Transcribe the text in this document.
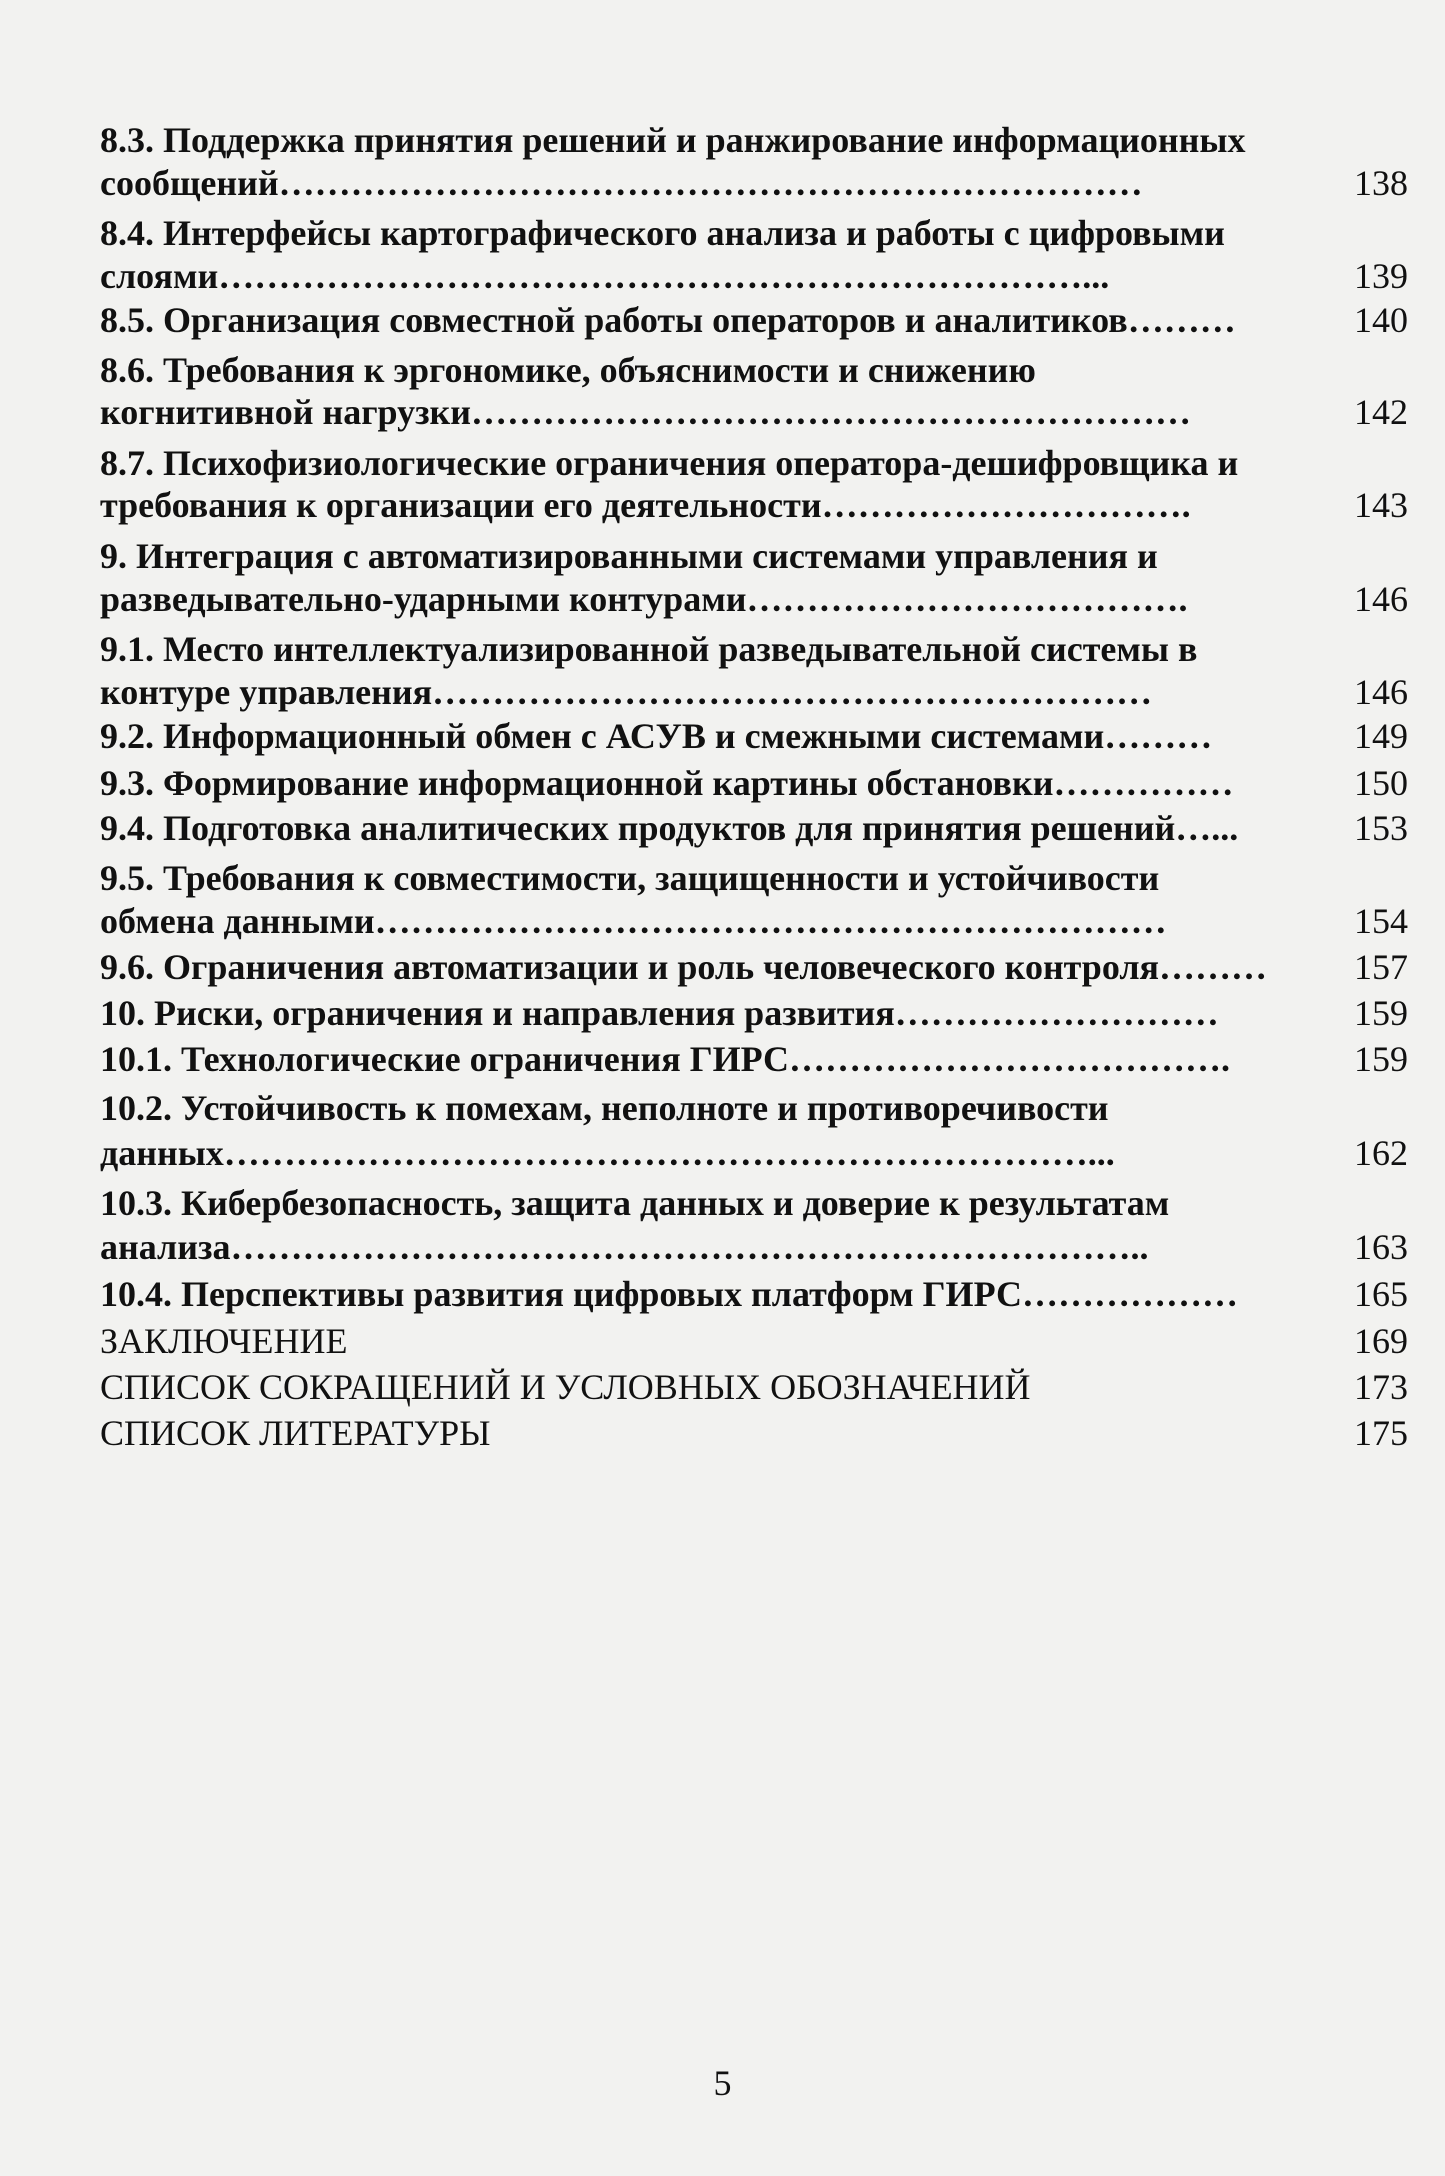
8.3. Поддержка принятия решений и ранжирование информационных
сообщений………………………………………………………………	138
8.4. Интерфейсы картографического анализа и работы с цифровыми
слоями………………………………………………………………...	139
8.5. Организация совместной работы операторов и аналитиков………	140
8.6. Требования к эргономике, объяснимости и снижению
когнитивной нагрузки……………………………………………………	142
8.7. Психофизиологические ограничения оператора-дешифровщика и
требования к организации его деятельности………………………….	143
9. Интеграция с автоматизированными системами управления и
разведывательно-ударными контурами……………………………….	146
9.1. Место интеллектуализированной разведывательной системы в
контуре управления……………………………………………………	146
9.2. Информационный обмен с АСУВ и смежными системами………	149
9.3. Формирование информационной картины обстановки……………	150
9.4. Подготовка аналитических продуктов для принятия решений…...	153
9.5. Требования к совместимости, защищенности и устойчивости
обмена данными…………………………………………………………	154
9.6. Ограничения автоматизации и роль человеческого контроля……… 157
10. Риски, ограничения и направления развития………………………	159
10.1. Технологические ограничения ГИРС……………………………….	159
10.2. Устойчивость к помехам, неполноте и противоречивости
данных………………………………………………………………...	162
10.3. Кибербезопасность, защита данных и доверие к результатам
анализа…………………………………………………………………..	163
10.4. Перспективы развития цифровых платформ ГИРС………………	165
ЗАКЛЮЧЕНИЕ	169
СПИСОК СОКРАЩЕНИЙ И УСЛОВНЫХ ОБОЗНАЧЕНИЙ	173
СПИСОК ЛИТЕРАТУРЫ	175
5
